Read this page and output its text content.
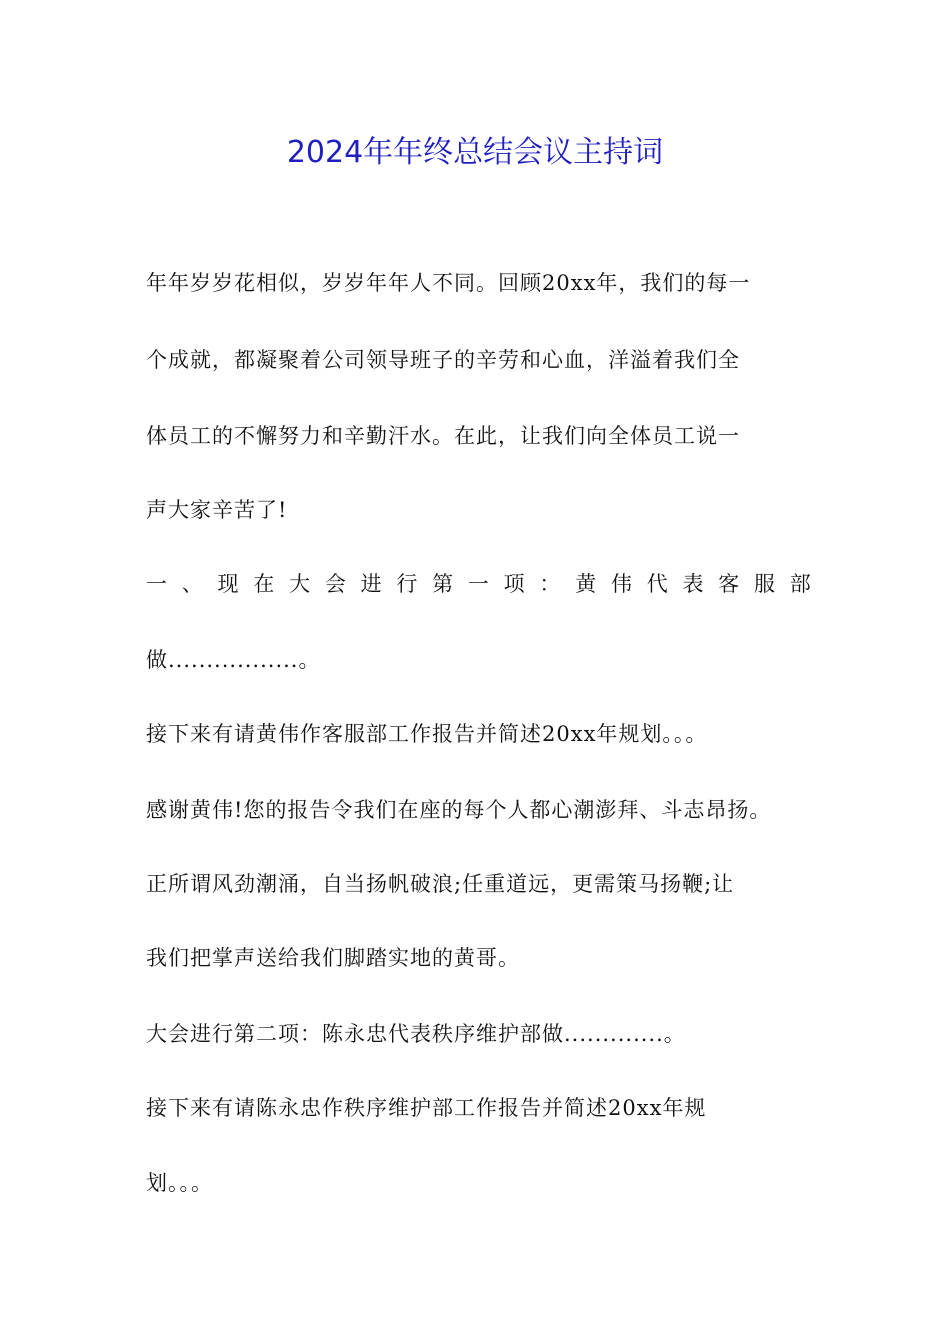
2024年年终总结会议主持词

年年岁岁花相似，岁岁年年人不同。回顾20xx年，我们的每一

个成就，都凝聚着公司领导班子的辛劳和心血，洋溢着我们全

体员工的不懈努力和辛勤汗水。在此，让我们向全体员工说一

声大家辛苦了!

一 、 现 在 大 会 进 行 第 一 项 ： 黄 伟 代 表 客 服 部

做.................。

接下来有请黄伟作客服部工作报告并简述20xx年规划。。。

感谢黄伟!您的报告令我们在座的每个人都心潮澎拜、斗志昂扬。

正所谓风劲潮涌，自当扬帆破浪;任重道远，更需策马扬鞭;让

我们把掌声送给我们脚踏实地的黄哥。

大会进行第二项：陈永忠代表秩序维护部做.............。

接下来有请陈永忠作秩序维护部工作报告并简述20xx年规

划。。。
